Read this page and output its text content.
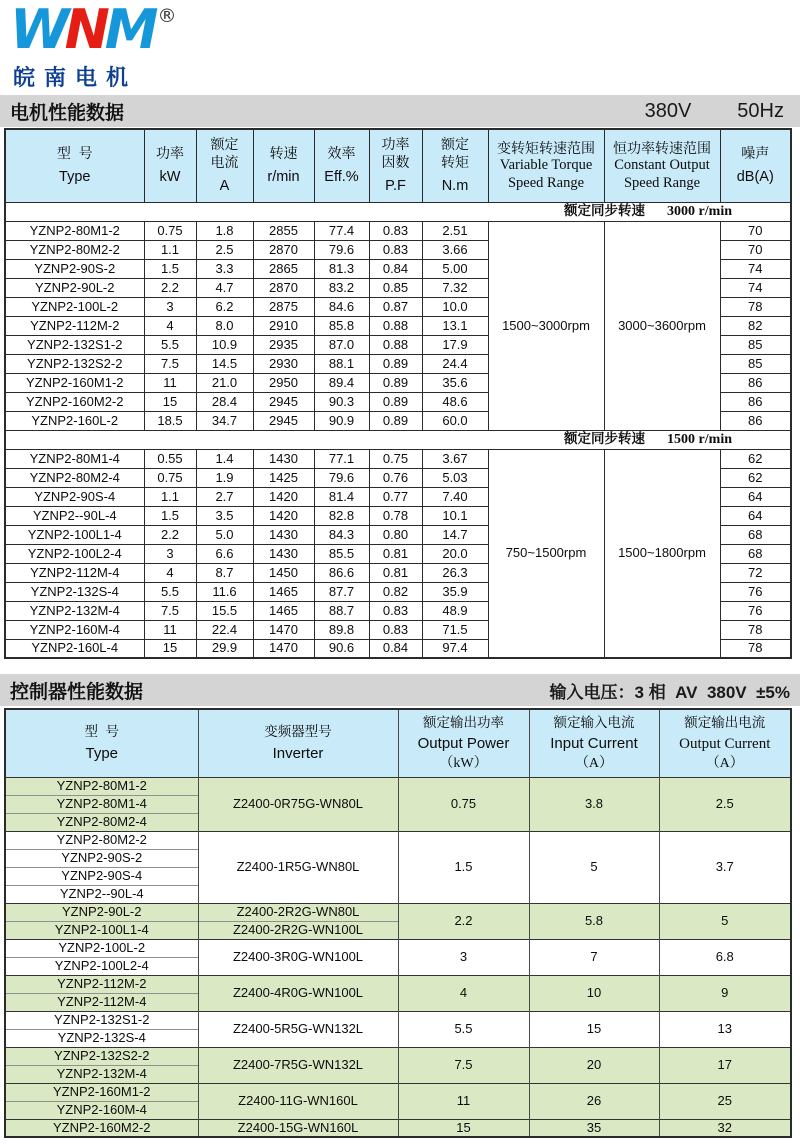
WNM ®
皖南电机
电机性能数据	380V 50Hz
型  号
Type

功率
kW

额定
电流
A

转速
r/min

效率
Eff.%

功率
因数
P.F

额定
转矩
N.m

变转矩转速范围
Variable Torque
Speed Range

恒功率转速范围
Constant Output
Speed Range

噪声
dB(A)

额定同步转速 3000 r/min									
YZNP2-80M1-2	0.75	1.8	2855	77.4	0.83	2.51	1500~3000rpm	3000~3600rpm	70
YZNP2-80M2-2	1.1	2.5	2870	79.6	0.83	3.66			70
YZNP2-90S-2	1.5	3.3	2865	81.3	0.84	5.00			74
YZNP2-90L-2	2.2	4.7	2870	83.2	0.85	7.32			74
YZNP2-100L-2	3	6.2	2875	84.6	0.87	10.0			78
YZNP2-112M-2	4	8.0	2910	85.8	0.88	13.1			82
YZNP2-132S1-2	5.5	10.9	2935	87.0	0.88	17.9			85
YZNP2-132S2-2	7.5	14.5	2930	88.1	0.89	24.4			85
YZNP2-160M1-2	11	21.0	2950	89.4	0.89	35.6			86
YZNP2-160M2-2	15	28.4	2945	90.3	0.89	48.6			86
YZNP2-160L-2	18.5	34.7	2945	90.9	0.89	60.0			86
额定同步转速 1500 r/min									
YZNP2-80M1-4	0.55	1.4	1430	77.1	0.75	3.67	750~1500rpm	1500~1800rpm	62
YZNP2-80M2-4	0.75	1.9	1425	79.6	0.76	5.03			62
YZNP2-90S-4	1.1	2.7	1420	81.4	0.77	7.40			64
YZNP2--90L-4	1.5	3.5	1420	82.8	0.78	10.1			64
YZNP2-100L1-4	2.2	5.0	1430	84.3	0.80	14.7			68
YZNP2-100L2-4	3	6.6	1430	85.5	0.81	20.0			68
YZNP2-112M-4	4	8.7	1450	86.6	0.81	26.3			72
YZNP2-132S-4	5.5	11.6	1465	87.7	0.82	35.9			76
YZNP2-132M-4	7.5	15.5	1465	88.7	0.83	48.9			76
YZNP2-160M-4	11	22.4	1470	89.8	0.83	71.5			78
YZNP2-160L-4	15	29.9	1470	90.6	0.84	97.4			78
控制器性能数据	输入电压：3 相  AV  380V  ±5%
型  号
Type

变频器型号
Inverter

额定输出功率
Output Power
（kW）

额定输入电流
Input Current
（A）

额定输出电流
Output Current
（A）

YZNP2-80M1-2	Z2400-0R75G-WN80L	0.75	3.8	2.5
YZNP2-80M1-4				
YZNP2-80M2-4				
YZNP2-80M2-2	Z2400-1R5G-WN80L	1.5	5	3.7
YZNP2-90S-2				
YZNP2-90S-4				
YZNP2--90L-4				
YZNP2-90L-2	Z2400-2R2G-WN80L	2.2	5.8	5
YZNP2-100L1-4	Z2400-2R2G-WN100L			
YZNP2-100L-2	Z2400-3R0G-WN100L	3	7	6.8
YZNP2-100L2-4				
YZNP2-112M-2	Z2400-4R0G-WN100L	4	10	9
YZNP2-112M-4				
YZNP2-132S1-2	Z2400-5R5G-WN132L	5.5	15	13
YZNP2-132S-4				
YZNP2-132S2-2	Z2400-7R5G-WN132L	7.5	20	17
YZNP2-132M-4				
YZNP2-160M1-2	Z2400-11G-WN160L	11	26	25
YZNP2-160M-4				
YZNP2-160M2-2	Z2400-15G-WN160L	15	35	32
